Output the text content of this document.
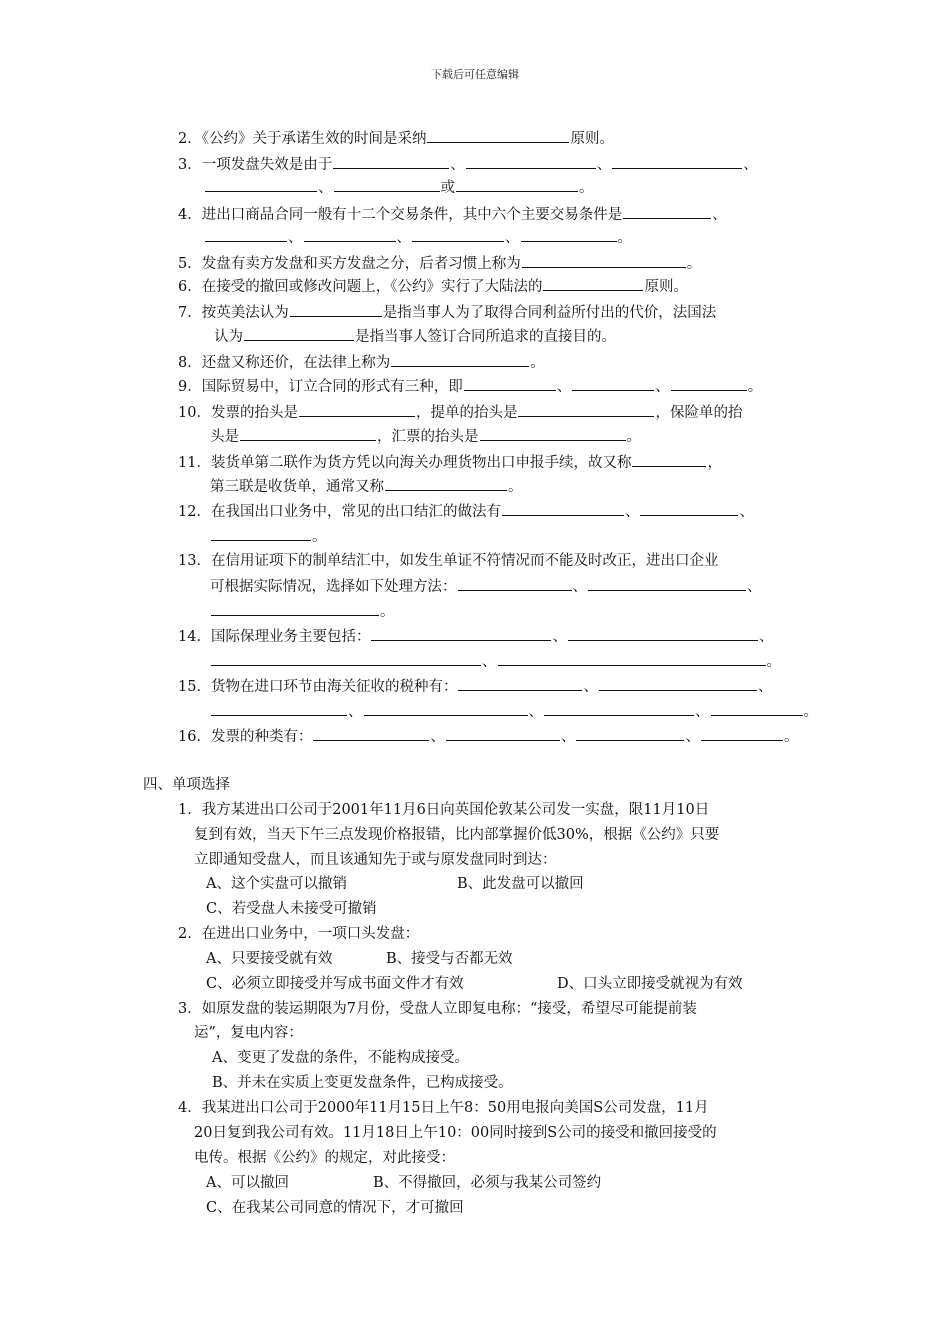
下载后可任意编辑
2．《公约》关于承诺生效的时间是采纳	原则。
3．一项发盘失效是由于	、	、	、
、	或	。
4．进出口商品合同一般有十二个交易条件，其中六个主要交易条件是	、
、	、	、	。
5．发盘有卖方发盘和买方发盘之分，后者习惯上称为	。
6．在接受的撤回或修改问题上，《公约》实行了大陆法的	原则。
7．按英美法认为	是指当事人为了取得合同利益所付出的代价，法国法
认为	是指当事人签订合同所追求的直接目的。
8．还盘又称还价，在法律上称为	。
9．国际贸易中，订立合同的形式有三种，即	、	、	。
10．发票的抬头是	，提单的抬头是	，保险单的抬
头是	，汇票的抬头是	。
11．装货单第二联作为货方凭以向海关办理货物出口申报手续，故又称	，
第三联是收货单，通常又称	。
12．在我国出口业务中，常见的出口结汇的做法有	、	、
。
13．在信用证项下的制单结汇中，如发生单证不符情况而不能及时改正，进出口企业
可根据实际情况，选择如下处理方法：	、	、
。
14．国际保理业务主要包括：	、	、
、	。
15．货物在进口环节由海关征收的税种有：	、	、
、	、	、	。
16．发票的种类有：	、	、	、	。
四、单项选择
1．我方某进出口公司于2001年11月6日向英国伦敦某公司发一实盘，限11月10日
复到有效，当天下午三点发现价格报错，比内部掌握价低30%，根据《公约》只要
立即通知受盘人，而且该通知先于或与原发盘同时到达：
A、这个实盘可以撤销	B、此发盘可以撤回
C、若受盘人未接受可撤销
2．在进出口业务中，一项口头发盘：
A、只要接受就有效	B、接受与否都无效
C、必须立即接受并写成书面文件才有效	D、口头立即接受就视为有效
3．如原发盘的装运期限为7月份，受盘人立即复电称：“接受，希望尽可能提前装
运”，复电内容：
A、变更了发盘的条件，不能构成接受。
B、并未在实质上变更发盘条件，已构成接受。
4．我某进出口公司于2000年11月15日上午8：50用电报向美国S公司发盘，11月
20日复到我公司有效。11月18日上午10：00同时接到S公司的接受和撤回接受的
电传。根据《公约》的规定，对此接受：
A、可以撤回	B、不得撤回，必须与我某公司签约
C、在我某公司同意的情况下，才可撤回
